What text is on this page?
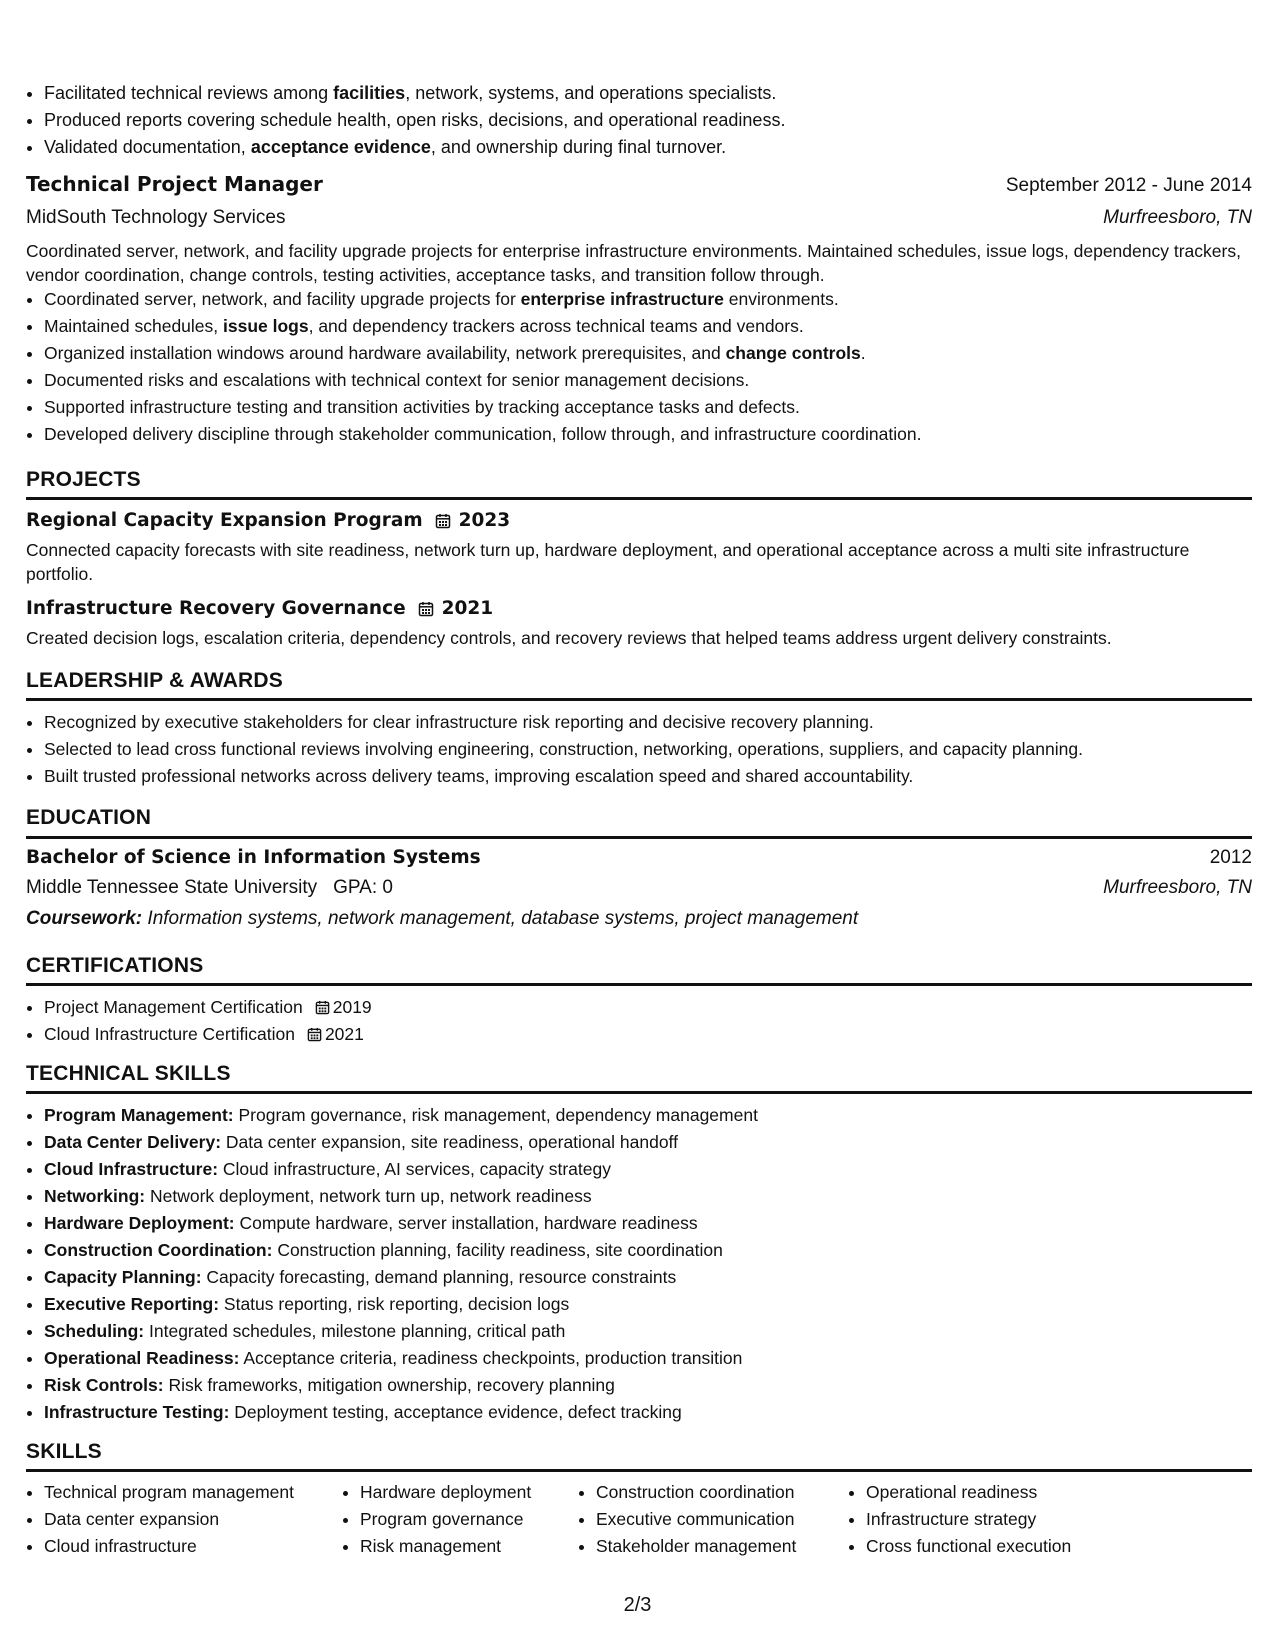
• Facilitated technical reviews among facilities, network, systems, and operations specialists.
• Produced reports covering schedule health, open risks, decisions, and operational readiness.
• Validated documentation, acceptance evidence, and ownership during final turnover.
Technical Project Manager	September 2012 - June 2014
MidSouth Technology Services	Murfreesboro, TN
Coordinated server, network, and facility upgrade projects for enterprise infrastructure environments. Maintained schedules, issue logs, dependency trackers, vendor coordination, change controls, testing activities, acceptance tasks, and transition follow through.
• Coordinated server, network, and facility upgrade projects for enterprise infrastructure environments.
• Maintained schedules, issue logs, and dependency trackers across technical teams and vendors.
• Organized installation windows around hardware availability, network prerequisites, and change controls.
• Documented risks and escalations with technical context for senior management decisions.
• Supported infrastructure testing and transition activities by tracking acceptance tasks and defects.
• Developed delivery discipline through stakeholder communication, follow through, and infrastructure coordination.
PROJECTS
Regional Capacity Expansion Program 2023
Connected capacity forecasts with site readiness, network turn up, hardware deployment, and operational acceptance across a multi site infrastructure portfolio.
Infrastructure Recovery Governance 2021
Created decision logs, escalation criteria, dependency controls, and recovery reviews that helped teams address urgent delivery constraints.
LEADERSHIP & AWARDS
• Recognized by executive stakeholders for clear infrastructure risk reporting and decisive recovery planning.
• Selected to lead cross functional reviews involving engineering, construction, networking, operations, suppliers, and capacity planning.
• Built trusted professional networks across delivery teams, improving escalation speed and shared accountability.
EDUCATION
Bachelor of Science in Information Systems	2012
Middle Tennessee State University GPA: 0	Murfreesboro, TN
Coursework: Information systems, network management, database systems, project management
CERTIFICATIONS
• Project Management Certification 2019
• Cloud Infrastructure Certification 2021
TECHNICAL SKILLS
• Program Management: Program governance, risk management, dependency management
• Data Center Delivery: Data center expansion, site readiness, operational handoff
• Cloud Infrastructure: Cloud infrastructure, AI services, capacity strategy
• Networking: Network deployment, network turn up, network readiness
• Hardware Deployment: Compute hardware, server installation, hardware readiness
• Construction Coordination: Construction planning, facility readiness, site coordination
• Capacity Planning: Capacity forecasting, demand planning, resource constraints
• Executive Reporting: Status reporting, risk reporting, decision logs
• Scheduling: Integrated schedules, milestone planning, critical path
• Operational Readiness: Acceptance criteria, readiness checkpoints, production transition
• Risk Controls: Risk frameworks, mitigation ownership, recovery planning
• Infrastructure Testing: Deployment testing, acceptance evidence, defect tracking
SKILLS
• Technical program management
• Data center expansion
• Cloud infrastructure
• Hardware deployment
• Program governance
• Risk management
• Construction coordination
• Executive communication
• Stakeholder management
• Operational readiness
• Infrastructure strategy
• Cross functional execution
2/3
